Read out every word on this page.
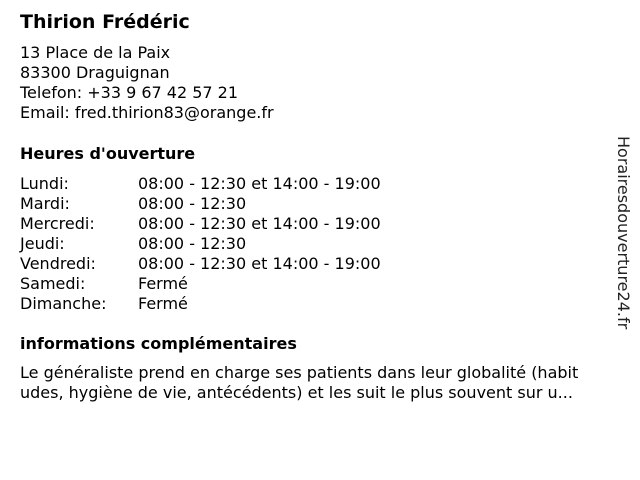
Thirion Frédéric
13 Place de la Paix
83300 Draguignan
Telefon: +33 9 67 42 57 21
Email: fred.thirion83@orange.fr
Heures d'ouverture
Lundi:	08:00 - 12:30 et 14:00 - 19:00
Mardi:	08:00 - 12:30
Mercredi:	08:00 - 12:30 et 14:00 - 19:00
Jeudi:	08:00 - 12:30
Vendredi:	08:00 - 12:30 et 14:00 - 19:00
Samedi:	Fermé
Dimanche:	Fermé
informations complémentaires
Le généraliste prend en charge ses patients dans leur globalité (habit
udes, hygiène de vie, antécédents) et les suit le plus souvent sur u...
Horairesdouverture24.fr
